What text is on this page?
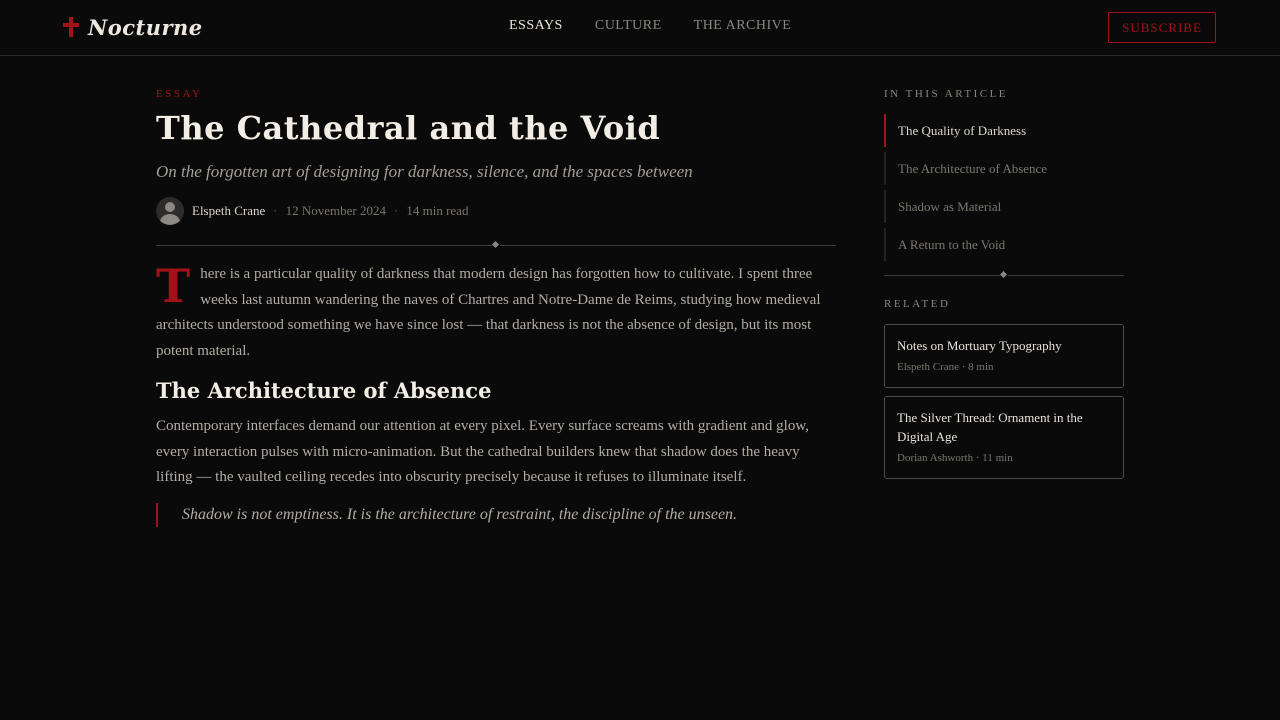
Nocturne	ESSAYS CULTURE THE ARCHIVE	SUBSCRIBE
ESSAY
The Cathedral and the Void

On the forgotten art of designing for darkness, silence, and the spaces between

Elspeth Crane · 12 November 2024 · 14 min read

There is a particular quality of darkness that modern design has forgotten how to cultivate. I spent three weeks last autumn wandering the naves of Chartres and Notre-Dame de Reims, studying how medieval architects understood something we have since lost — that darkness is not the absence of design, but its most potent material.

The Architecture of Absence

Contemporary interfaces demand our attention at every pixel. Every surface screams with gradient and glow, every interaction pulses with micro-animation. But the cathedral builders knew that shadow does the heavy lifting — the vaulted ceiling recedes into obscurity precisely because it refuses to illuminate itself.

Shadow is not emptiness. It is the architecture of restraint, the discipline of the unseen.
IN THIS ARTICLE
The Quality of Darkness
The Architecture of Absence
Shadow as Material
A Return to the Void
RELATED
Notes on Mortuary Typography
Elspeth Crane · 8 min
The Silver Thread: Ornament in the Digital Age
Dorian Ashworth · 11 min
